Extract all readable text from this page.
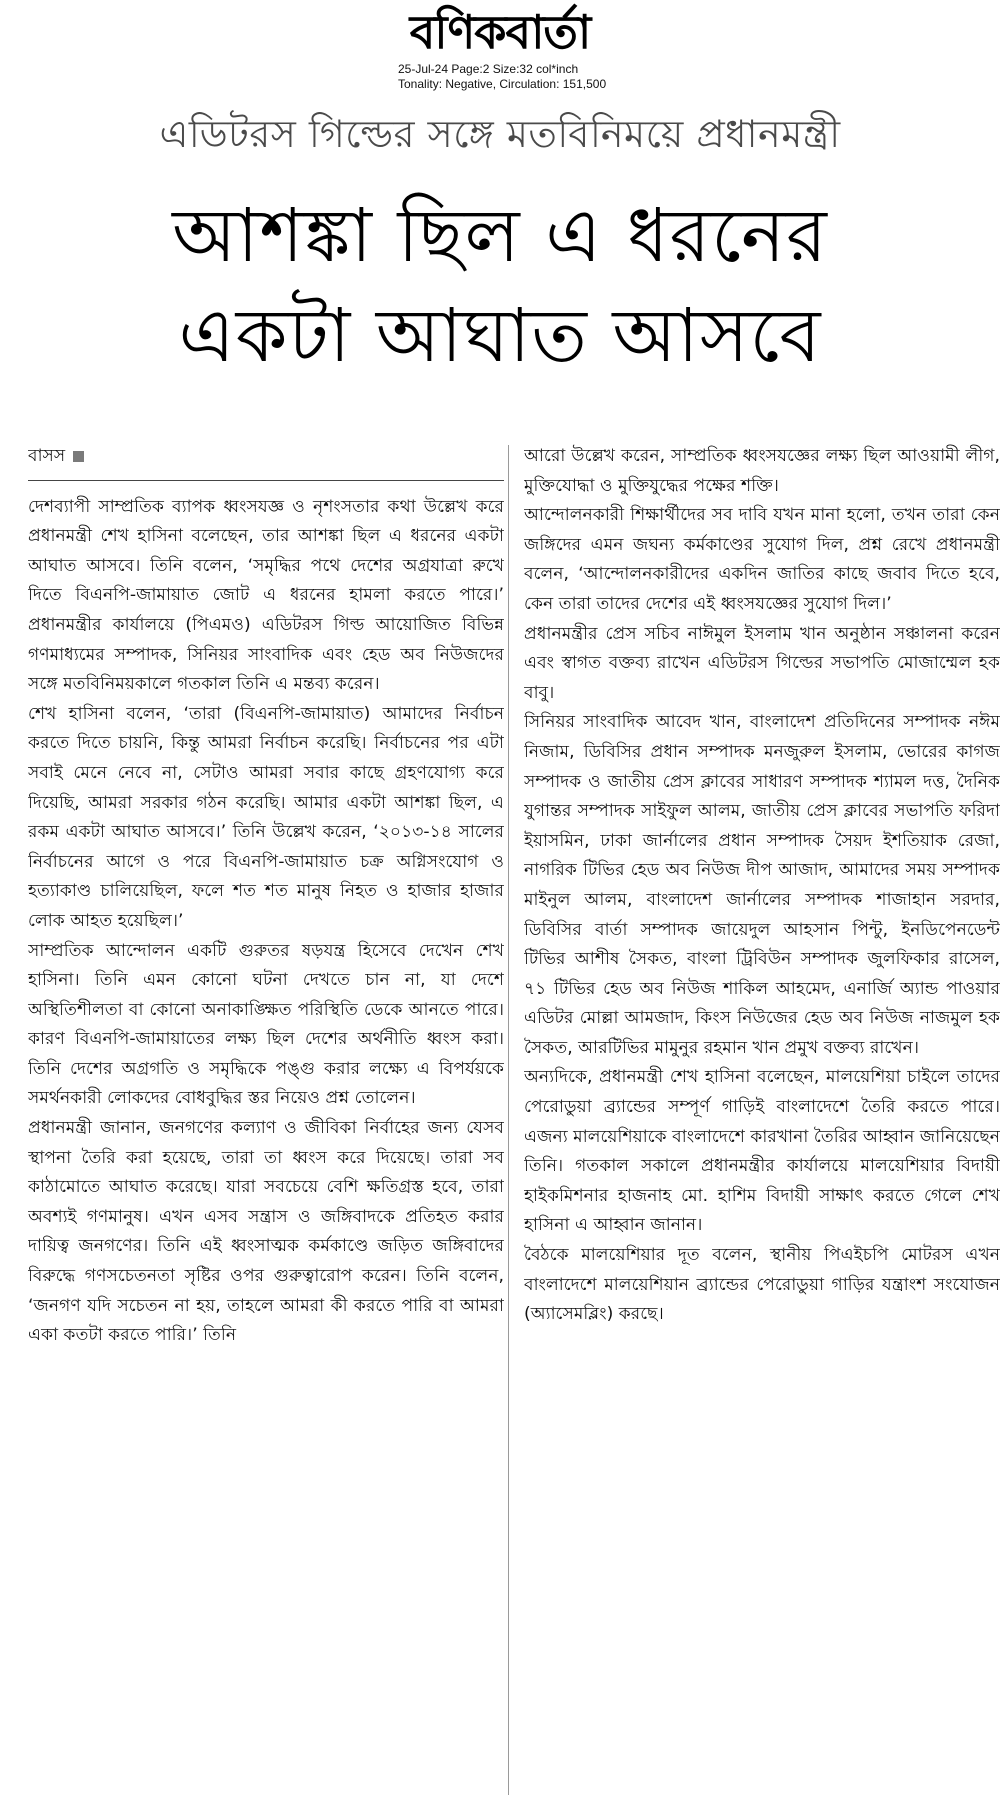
বণিকবার্তা
25-Jul-24 Page:2 Size:32 col*inch
Tonality: Negative, Circulation: 151,500
এডিটরস গিল্ডের সঙ্গে মতবিনিময়ে প্রধানমন্ত্রী
আশঙ্কা ছিল এ ধরনের
একটা আঘাত আসবে
বাসস

দেশব্যাপী সাম্প্রতিক ব্যাপক ধ্বংসযজ্ঞ ও নৃশংসতার কথা উল্লেখ করে প্রধানমন্ত্রী শেখ হাসিনা বলেছেন, তার আশঙ্কা ছিল এ ধরনের একটা আঘাত আসবে। তিনি বলেন, ‘সমৃদ্ধির পথে দেশের অগ্রযাত্রা রুখে দিতে বিএনপি-জামায়াত জোট এ ধরনের হামলা করতে পারে।’ প্রধানমন্ত্রীর কার্যালয়ে (পিএমও) এডিটরস গিল্ড আয়োজিত বিভিন্ন গণমাধ্যমের সম্পাদক, সিনিয়র সাংবাদিক এবং হেড অব নিউজদের সঙ্গে মতবিনিময়কালে গতকাল তিনি এ মন্তব্য করেন।

শেখ হাসিনা বলেন, ‘তারা (বিএনপি-জামায়াত) আমাদের নির্বাচন করতে দিতে চায়নি, কিন্তু আমরা নির্বাচন করেছি। নির্বাচনের পর এটা সবাই মেনে নেবে না, সেটাও আমরা সবার কাছে গ্রহণযোগ্য করে দিয়েছি, আমরা সরকার গঠন করেছি। আমার একটা আশঙ্কা ছিল, এ রকম একটা আঘাত আসবে।’ তিনি উল্লেখ করেন, ‘২০১৩-১৪ সালের নির্বাচনের আগে ও পরে বিএনপি-জামায়াত চক্র অগ্নিসংযোগ ও হত্যাকাণ্ড চালিয়েছিল, ফলে শত শত মানুষ নিহত ও হাজার হাজার লোক আহত হয়েছিল।’

সাম্প্রতিক আন্দোলন একটি গুরুতর ষড়যন্ত্র হিসেবে দেখেন শেখ হাসিনা। তিনি এমন কোনো ঘটনা দেখতে চান না, যা দেশে অস্থিতিশীলতা বা কোনো অনাকাঙ্ক্ষিত পরিস্থিতি ডেকে আনতে পারে। কারণ বিএনপি-জামায়াতের লক্ষ্য ছিল দেশের অর্থনীতি ধ্বংস করা। তিনি দেশের অগ্রগতি ও সমৃদ্ধিকে পঙ্গু করার লক্ষ্যে এ বিপর্যয়কে সমর্থনকারী লোকদের বোধবুদ্ধির স্তর নিয়েও প্রশ্ন তোলেন।

প্রধানমন্ত্রী জানান, জনগণের কল্যাণ ও জীবিকা নির্বাহের জন্য যেসব স্থাপনা তৈরি করা হয়েছে, তারা তা ধ্বংস করে দিয়েছে। তারা সব কাঠামোতে আঘাত করেছে। যারা সবচেয়ে বেশি ক্ষতিগ্রস্ত হবে, তারা অবশ্যই গণমানুষ। এখন এসব সন্ত্রাস ও জঙ্গিবাদকে প্রতিহত করার দায়িত্ব জনগণের। তিনি এই ধ্বংসাত্মক কর্মকাণ্ডে জড়িত জঙ্গিবাদের বিরুদ্ধে গণসচেতনতা সৃষ্টির ওপর গুরুত্বারোপ করেন। তিনি বলেন, ‘জনগণ যদি সচেতন না হয়, তাহলে আমরা কী করতে পারি বা আমরা একা কতটা করতে পারি।’ তিনি

আরো উল্লেখ করেন, সাম্প্রতিক ধ্বংসযজ্ঞের লক্ষ্য ছিল আওয়ামী লীগ, মুক্তিযোদ্ধা ও মুক্তিযুদ্ধের পক্ষের শক্তি।

আন্দোলনকারী শিক্ষার্থীদের সব দাবি যখন মানা হলো, তখন তারা কেন জঙ্গিদের এমন জঘন্য কর্মকাণ্ডের সুযোগ দিল, প্রশ্ন রেখে প্রধানমন্ত্রী বলেন, ‘আন্দোলনকারীদের একদিন জাতির কাছে জবাব দিতে হবে, কেন তারা তাদের দেশের এই ধ্বংসযজ্ঞের সুযোগ দিল।’

প্রধানমন্ত্রীর প্রেস সচিব নাঈমুল ইসলাম খান অনুষ্ঠান সঞ্চালনা করেন এবং স্বাগত বক্তব্য রাখেন এডিটরস গিল্ডের সভাপতি মোজাম্মেল হক বাবু।

সিনিয়র সাংবাদিক আবেদ খান, বাংলাদেশ প্রতিদিনের সম্পাদক নঈম নিজাম, ডিবিসির প্রধান সম্পাদক মনজুরুল ইসলাম, ভোরের কাগজ সম্পাদক ও জাতীয় প্রেস ক্লাবের সাধারণ সম্পাদক শ্যামল দত্ত, দৈনিক যুগান্তর সম্পাদক সাইফুল আলম, জাতীয় প্রেস ক্লাবের সভাপতি ফরিদা ইয়াসমিন, ঢাকা জার্নালের প্রধান সম্পাদক সৈয়দ ইশতিয়াক রেজা, নাগরিক টিভির হেড অব নিউজ দীপ আজাদ, আমাদের সময় সম্পাদক মাইনুল আলম, বাংলাদেশ জার্নালের সম্পাদক শাজাহান সরদার, ডিবিসির বার্তা সম্পাদক জায়েদুল আহসান পিন্টু, ইনডিপেনডেন্ট টিভির আশীষ সৈকত, বাংলা ট্রিবিউন সম্পাদক জুলফিকার রাসেল, ৭১ টিভির হেড অব নিউজ শাকিল আহমেদ, এনার্জি অ্যান্ড পাওয়ার এডিটর মোল্লা আমজাদ, কিংস নিউজের হেড অব নিউজ নাজমুল হক সৈকত, আরটিভির মামুনুর রহমান খান প্রমুখ বক্তব্য রাখেন।

অন্যদিকে, প্রধানমন্ত্রী শেখ হাসিনা বলেছেন, মালয়েশিয়া চাইলে তাদের পেরোডুয়া ব্র্যান্ডের সম্পূর্ণ গাড়িই বাংলাদেশে তৈরি করতে পারে। এজন্য মালয়েশিয়াকে বাংলাদেশে কারখানা তৈরির আহ্বান জানিয়েছেন তিনি। গতকাল সকালে প্রধানমন্ত্রীর কার্যালয়ে মালয়েশিয়ার বিদায়ী হাইকমিশনার হাজনাহ মো. হাশিম বিদায়ী সাক্ষাৎ করতে গেলে শেখ হাসিনা এ আহ্বান জানান।

বৈঠকে মালয়েশিয়ার দূত বলেন, স্থানীয় পিএইচপি মোটরস এখন বাংলাদেশে মালয়েশিয়ান ব্র্যান্ডের পেরোডুয়া গাড়ির যন্ত্রাংশ সংযোজন (অ্যাসেমব্লিং) করছে।
